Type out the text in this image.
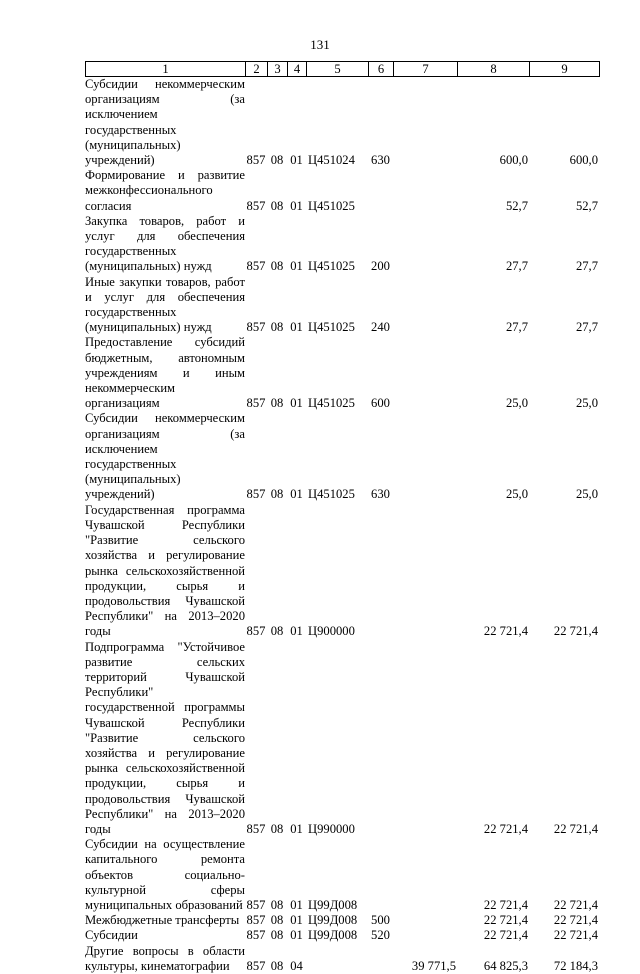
131
1	2	3	4	5	6	7	8	9
Субсидии некоммерческим организациям (за исключением государственных (муниципальных) учреждений)	857	08	01	Ц451024	630		600,0	600,0
Формирование и развитие межконфессионального согласия	857	08	01	Ц451025			52,7	52,7
Закупка товаров, работ и услуг для обеспечения государственных (муниципальных) нужд	857	08	01	Ц451025	200		27,7	27,7
Иные закупки товаров, работ и услуг для обеспечения государственных (муниципальных) нужд	857	08	01	Ц451025	240		27,7	27,7
Предоставление субсидий бюджетным, автономным учреждениям и иным некоммерческим организациям	857	08	01	Ц451025	600		25,0	25,0
Субсидии некоммерческим организациям (за исключением государственных (муниципальных) учреждений)	857	08	01	Ц451025	630		25,0	25,0
Государственная программа Чувашской Республики "Развитие сельского хозяйства и регулирование рынка сельскохозяйственной продукции, сырья и продовольствия Чувашской Республики" на 2013–2020 годы	857	08	01	Ц900000			22 721,4	22 721,4
Подпрограмма "Устойчивое развитие сельских территорий Чувашской Республики" государственной программы Чувашской Республики "Развитие сельского хозяйства и регулирование рынка сельскохозяйственной продукции, сырья и продовольствия Чувашской Республики" на 2013–2020 годы	857	08	01	Ц990000			22 721,4	22 721,4
Субсидии на осуществление капитального ремонта объектов социально-культурной сферы муниципальных образований	857	08	01	Ц99Д008			22 721,4	22 721,4
Межбюджетные трансферты	857	08	01	Ц99Д008	500		22 721,4	22 721,4
Субсидии	857	08	01	Ц99Д008	520		22 721,4	22 721,4
Другие вопросы в области культуры, кинематографии	857	08	04			39 771,5	64 825,3	72 184,3
